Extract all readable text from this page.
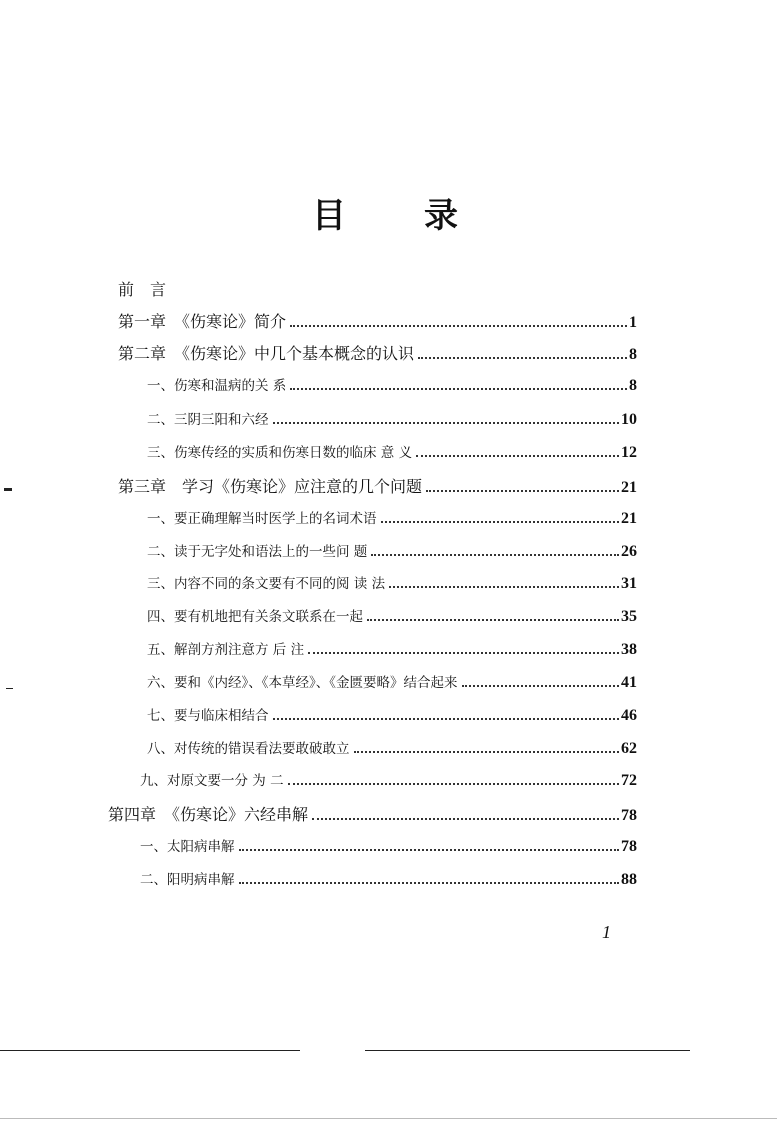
目 录
前　言
第一章　《伤寒论》简介	1
第二章　《伤寒论》中几个基本概念的认识	8
一、伤寒和温病的关 系	8
二、三阴三阳和六经	10
三、伤寒传经的实质和伤寒日数的临床 意 义	12
第三章　学习《伤寒论》应注意的几个问题	21
一、要正确理解当时医学上的名词术语	21
二、读于无字处和语法上的一些问 题	26
三、内容不同的条文要有不同的阅 读 法	31
四、要有机地把有关条文联系在一起	35
五、解剖方剂注意方 后 注	38
六、要和《内经》、《本草经》、《金匮要略》结合起来	41
七、要与临床相结合	46
八、对传统的错误看法要敢破敢立	62
九、对原文要一分 为 二	72
第四章　《伤寒论》六经串解	78
一、太阳病串解	78
二、阳明病串解	88
1
